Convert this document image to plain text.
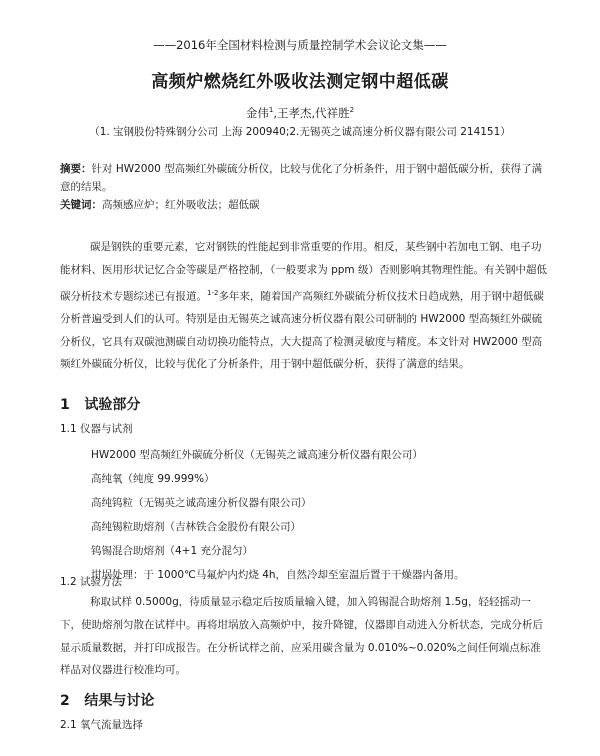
——2016年全国材料检测与质量控制学术会议论文集——
高频炉燃烧红外吸收法测定钢中超低碳
金伟$^1$,王孝杰,代祥胜$^2$
（1. 宝钢股份特殊钢分公司 上海 200940;2.无锡英之诚高速分析仪器有限公司 214151）
摘要：针对 HW2000 型高频红外碳硫分析仪，比较与优化了分析条件，用于钢中超低碳分析，获得了满意的结果。
关键词：高频感应炉；红外吸收法；超低碳
碳是钢铁的重要元素，它对钢铁的性能起到非常重要的作用。相反，某些钢中若加电工钢、电子功能材料、医用形状记忆合金等碳是严格控制，（一般要求为 ppm 级）否则影响其物理性能。有关钢中超低碳分析技术专题综述已有报道。$^{1-2}$多年来，随着国产高频红外碳硫分析仪技术日趋成熟，用于钢中超低碳分析普遍受到人们的认可。特别是由无锡英之诚高速分析仪器有限公司研制的 HW2000 型高频红外碳硫分析仪，它具有双碳池测碳自动切换功能特点，大大提高了检测灵敏度与精度。本文针对 HW2000 型高频红外碳硫分析仪，比较与优化了分析条件，用于钢中超低碳分析，获得了满意的结果。
1 试验部分
1.1 仪器与试剂
HW2000 型高频红外碳硫分析仪（无锡英之诚高速分析仪器有限公司）
高纯氧（纯度 99.999%）
高纯钨粒（无锡英之诚高速分析仪器有限公司）
高纯锡粒助熔剂（吉林铁合金股份有限公司）
钨锡混合助熔剂（4+1 充分混匀）
坩埚处理：于 1000℃马氟炉内灼烧 4h，自然冷却至室温后置于干燥器内备用。
1.2 试验方法
称取试样 0.5000g，待质量显示稳定后按质量输入键，加入钨锡混合助熔剂 1.5g，轻轻摇动一下，使助熔剂匀散在试样中。再将坩埚放入高频炉中，按升降键，仪器即自动进入分析状态，完成分析后显示质量数据，并打印成报告。在分析试样之前，应采用碳含量为 0.010%~0.020%之间任何端点标准样品对仪器进行校准均可。
2 结果与讨论
2.1 氧气流量选择
